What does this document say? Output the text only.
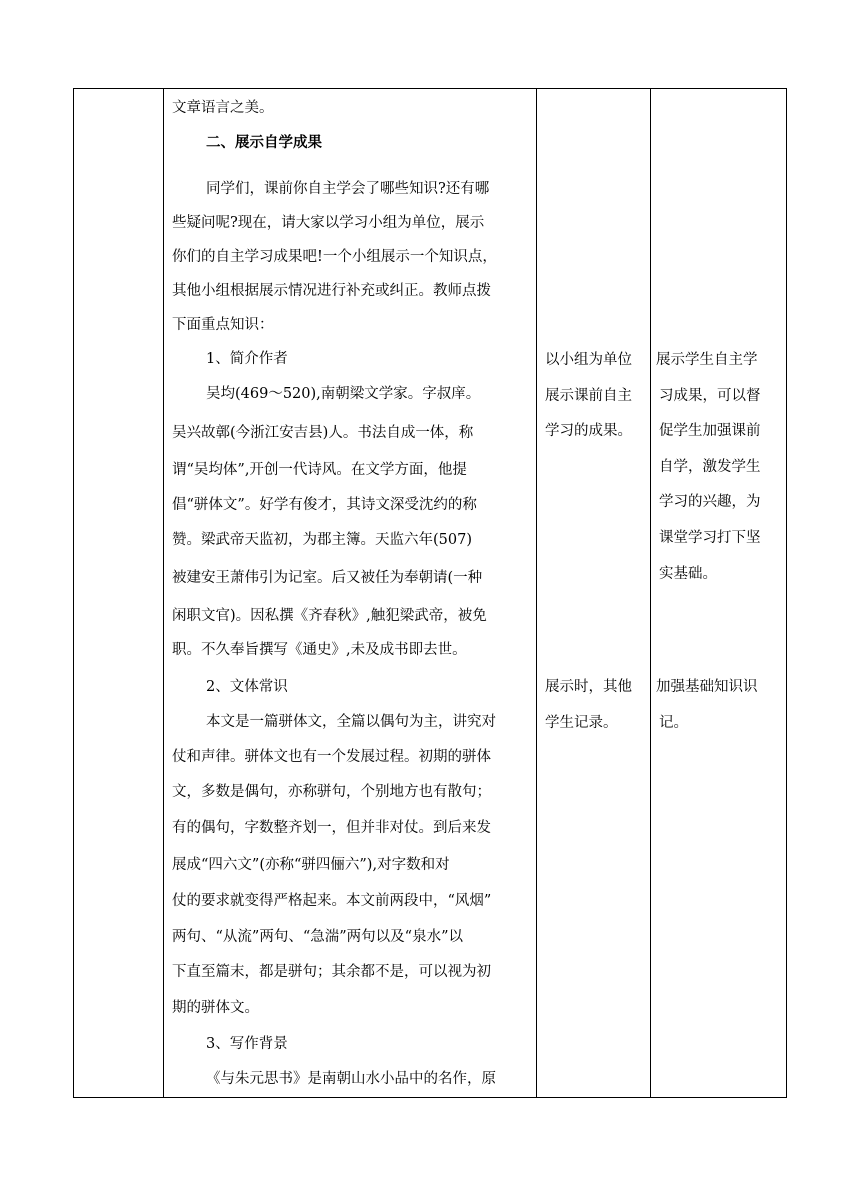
文章语言之美。
二、展示自学成果
同学们，课前你自主学会了哪些知识?还有哪
些疑问呢?现在，请大家以学习小组为单位，展示
你们的自主学习成果吧!一个小组展示一个知识点，
其他小组根据展示情况进行补充或纠正。教师点拨
下面重点知识：
1、简介作者
吴均(469～520),南朝梁文学家。字叔庠。
吴兴故鄣(今浙江安吉县)人。书法自成一体，称
谓“吴均体”,开创一代诗风。在文学方面，他提
倡“骈体文”。好学有俊才，其诗文深受沈约的称
赞。梁武帝天监初，为郡主簿。天监六年(507)
被建安王萧伟引为记室。后又被任为奉朝请(一种
闲职文官)。因私撰《齐春秋》,触犯梁武帝，被免
职。不久奉旨撰写《通史》,未及成书即去世。
2、文体常识
本文是一篇骈体文，全篇以偶句为主，讲究对
仗和声律。骈体文也有一个发展过程。初期的骈体
文，多数是偶句，亦称骈句，个别地方也有散句；
有的偶句，字数整齐划一，但并非对仗。到后来发
展成“四六文”(亦称“骈四俪六”),对字数和对
仗的要求就变得严格起来。本文前两段中，“风烟”
两句、“从流”两句、“急湍”两句以及“泉水”以
下直至篇末，都是骈句；其余都不是，可以视为初
期的骈体文。
3、写作背景
《与朱元思书》是南朝山水小品中的名作，原
以小组为单位
展示课前自主
学习的成果。
展示时，其他
学生记录。
展示学生自主学
习成果，可以督
促学生加强课前
自学，激发学生
学习的兴趣，为
课堂学习打下坚
实基础。
加强基础知识识
记。
